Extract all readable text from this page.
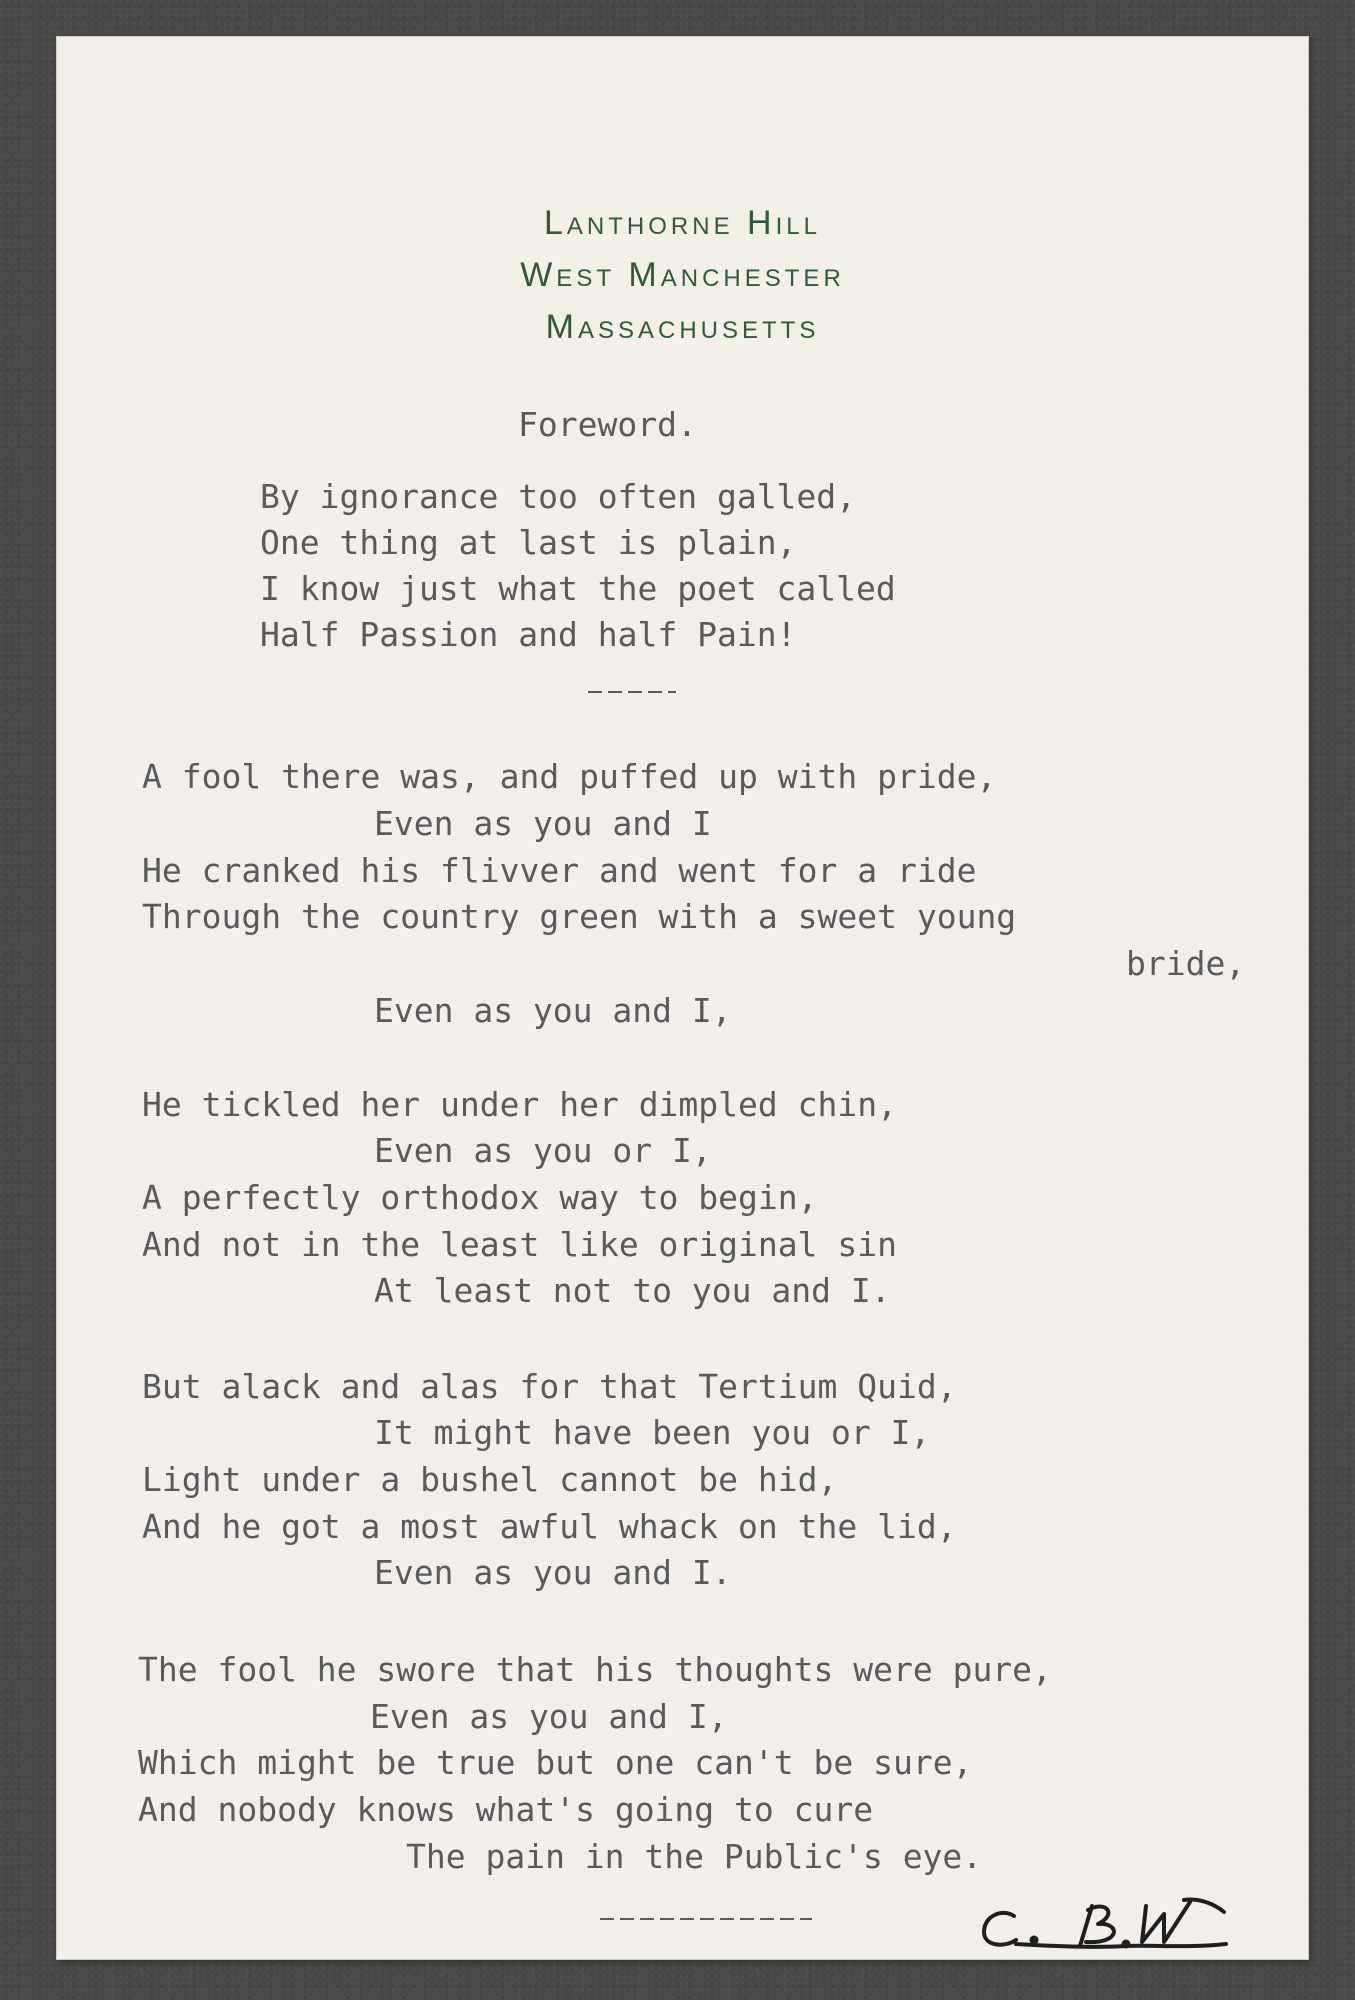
Lanthorne Hill
West Manchester
Massachusetts
Foreword.
By ignorance too often galled,
One thing at last is plain,
I know just what the poet called
Half Passion and half Pain!
A fool there was, and puffed up with pride,
Even as you and I
He cranked his flivver and went for a ride
Through the country green with a sweet young
bride,
Even as you and I,
He tickled her under her dimpled chin,
Even as you or I,
A perfectly orthodox way to begin,
And not in the least like original sin
At least not to you and I.
But alack and alas for that Tertium Quid,
It might have been you or I,
Light under a bushel cannot be hid,
And he got a most awful whack on the lid,
Even as you and I.
The fool he swore that his thoughts were pure,
Even as you and I,
Which might be true but one can't be sure,
And nobody knows what's going to cure
The pain in the Public's eye.
